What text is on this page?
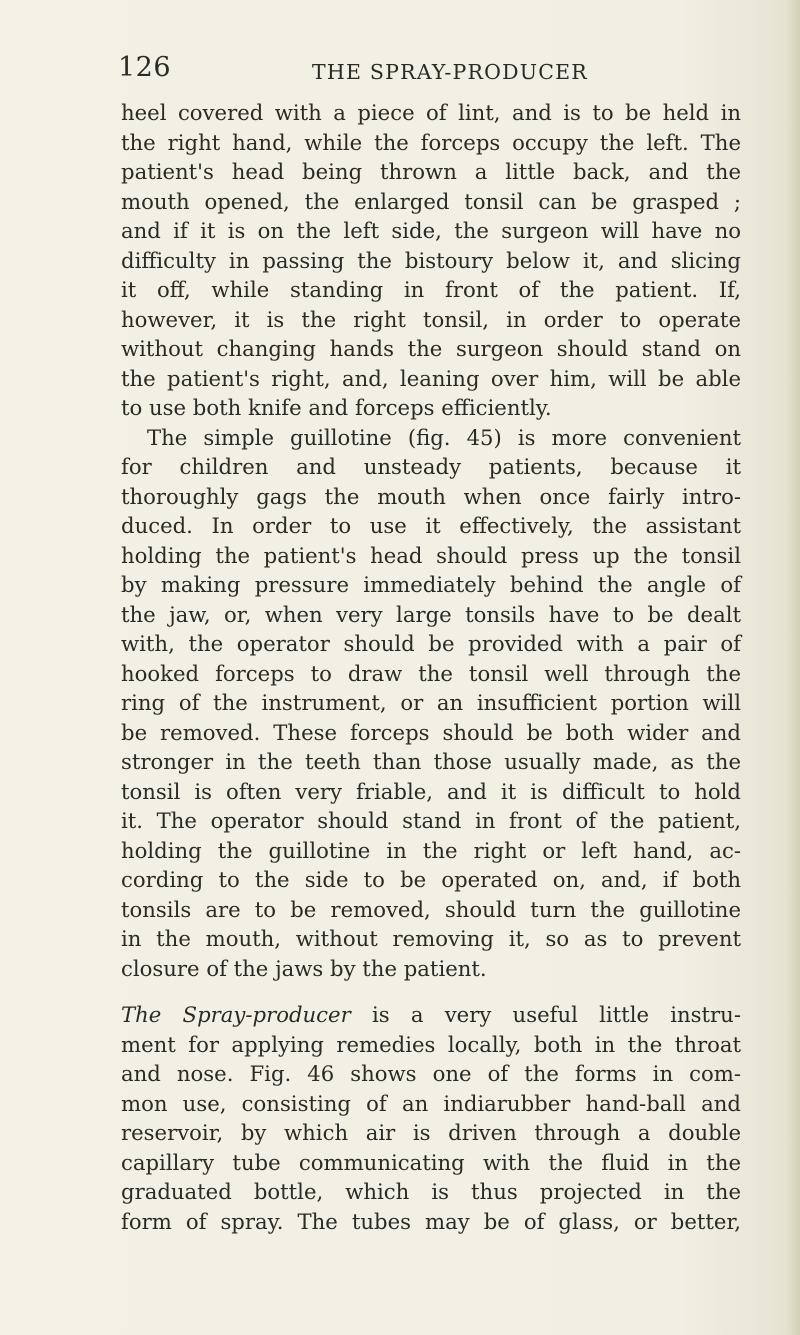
126	THE SPRAY-PRODUCER
heel covered with a piece of lint, and is to be held in
the right hand, while the forceps occupy the left. The
patient's head being thrown a little back, and the
mouth opened, the enlarged tonsil can be grasped ;
and if it is on the left side, the surgeon will have no
difficulty in passing the bistoury below it, and slicing
it off, while standing in front of the patient. If,
however, it is the right tonsil, in order to operate
without changing hands the surgeon should stand on
the patient's right, and, leaning over him, will be able
to use both knife and forceps efficiently.
The simple guillotine (fig. 45) is more convenient
for children and unsteady patients, because it
thoroughly gags the mouth when once fairly intro-
duced. In order to use it effectively, the assistant
holding the patient's head should press up the tonsil
by making pressure immediately behind the angle of
the jaw, or, when very large tonsils have to be dealt
with, the operator should be provided with a pair of
hooked forceps to draw the tonsil well through the
ring of the instrument, or an insufficient portion will
be removed. These forceps should be both wider and
stronger in the teeth than those usually made, as the
tonsil is often very friable, and it is difficult to hold
it. The operator should stand in front of the patient,
holding the guillotine in the right or left hand, ac-
cording to the side to be operated on, and, if both
tonsils are to be removed, should turn the guillotine
in the mouth, without removing it, so as to prevent
closure of the jaws by the patient.
The Spray-producer is a very useful little instru-
ment for applying remedies locally, both in the throat
and nose. Fig. 46 shows one of the forms in com-
mon use, consisting of an indiarubber hand-ball and
reservoir, by which air is driven through a double
capillary tube communicating with the fluid in the
graduated bottle, which is thus projected in the
form of spray. The tubes may be of glass, or better,
